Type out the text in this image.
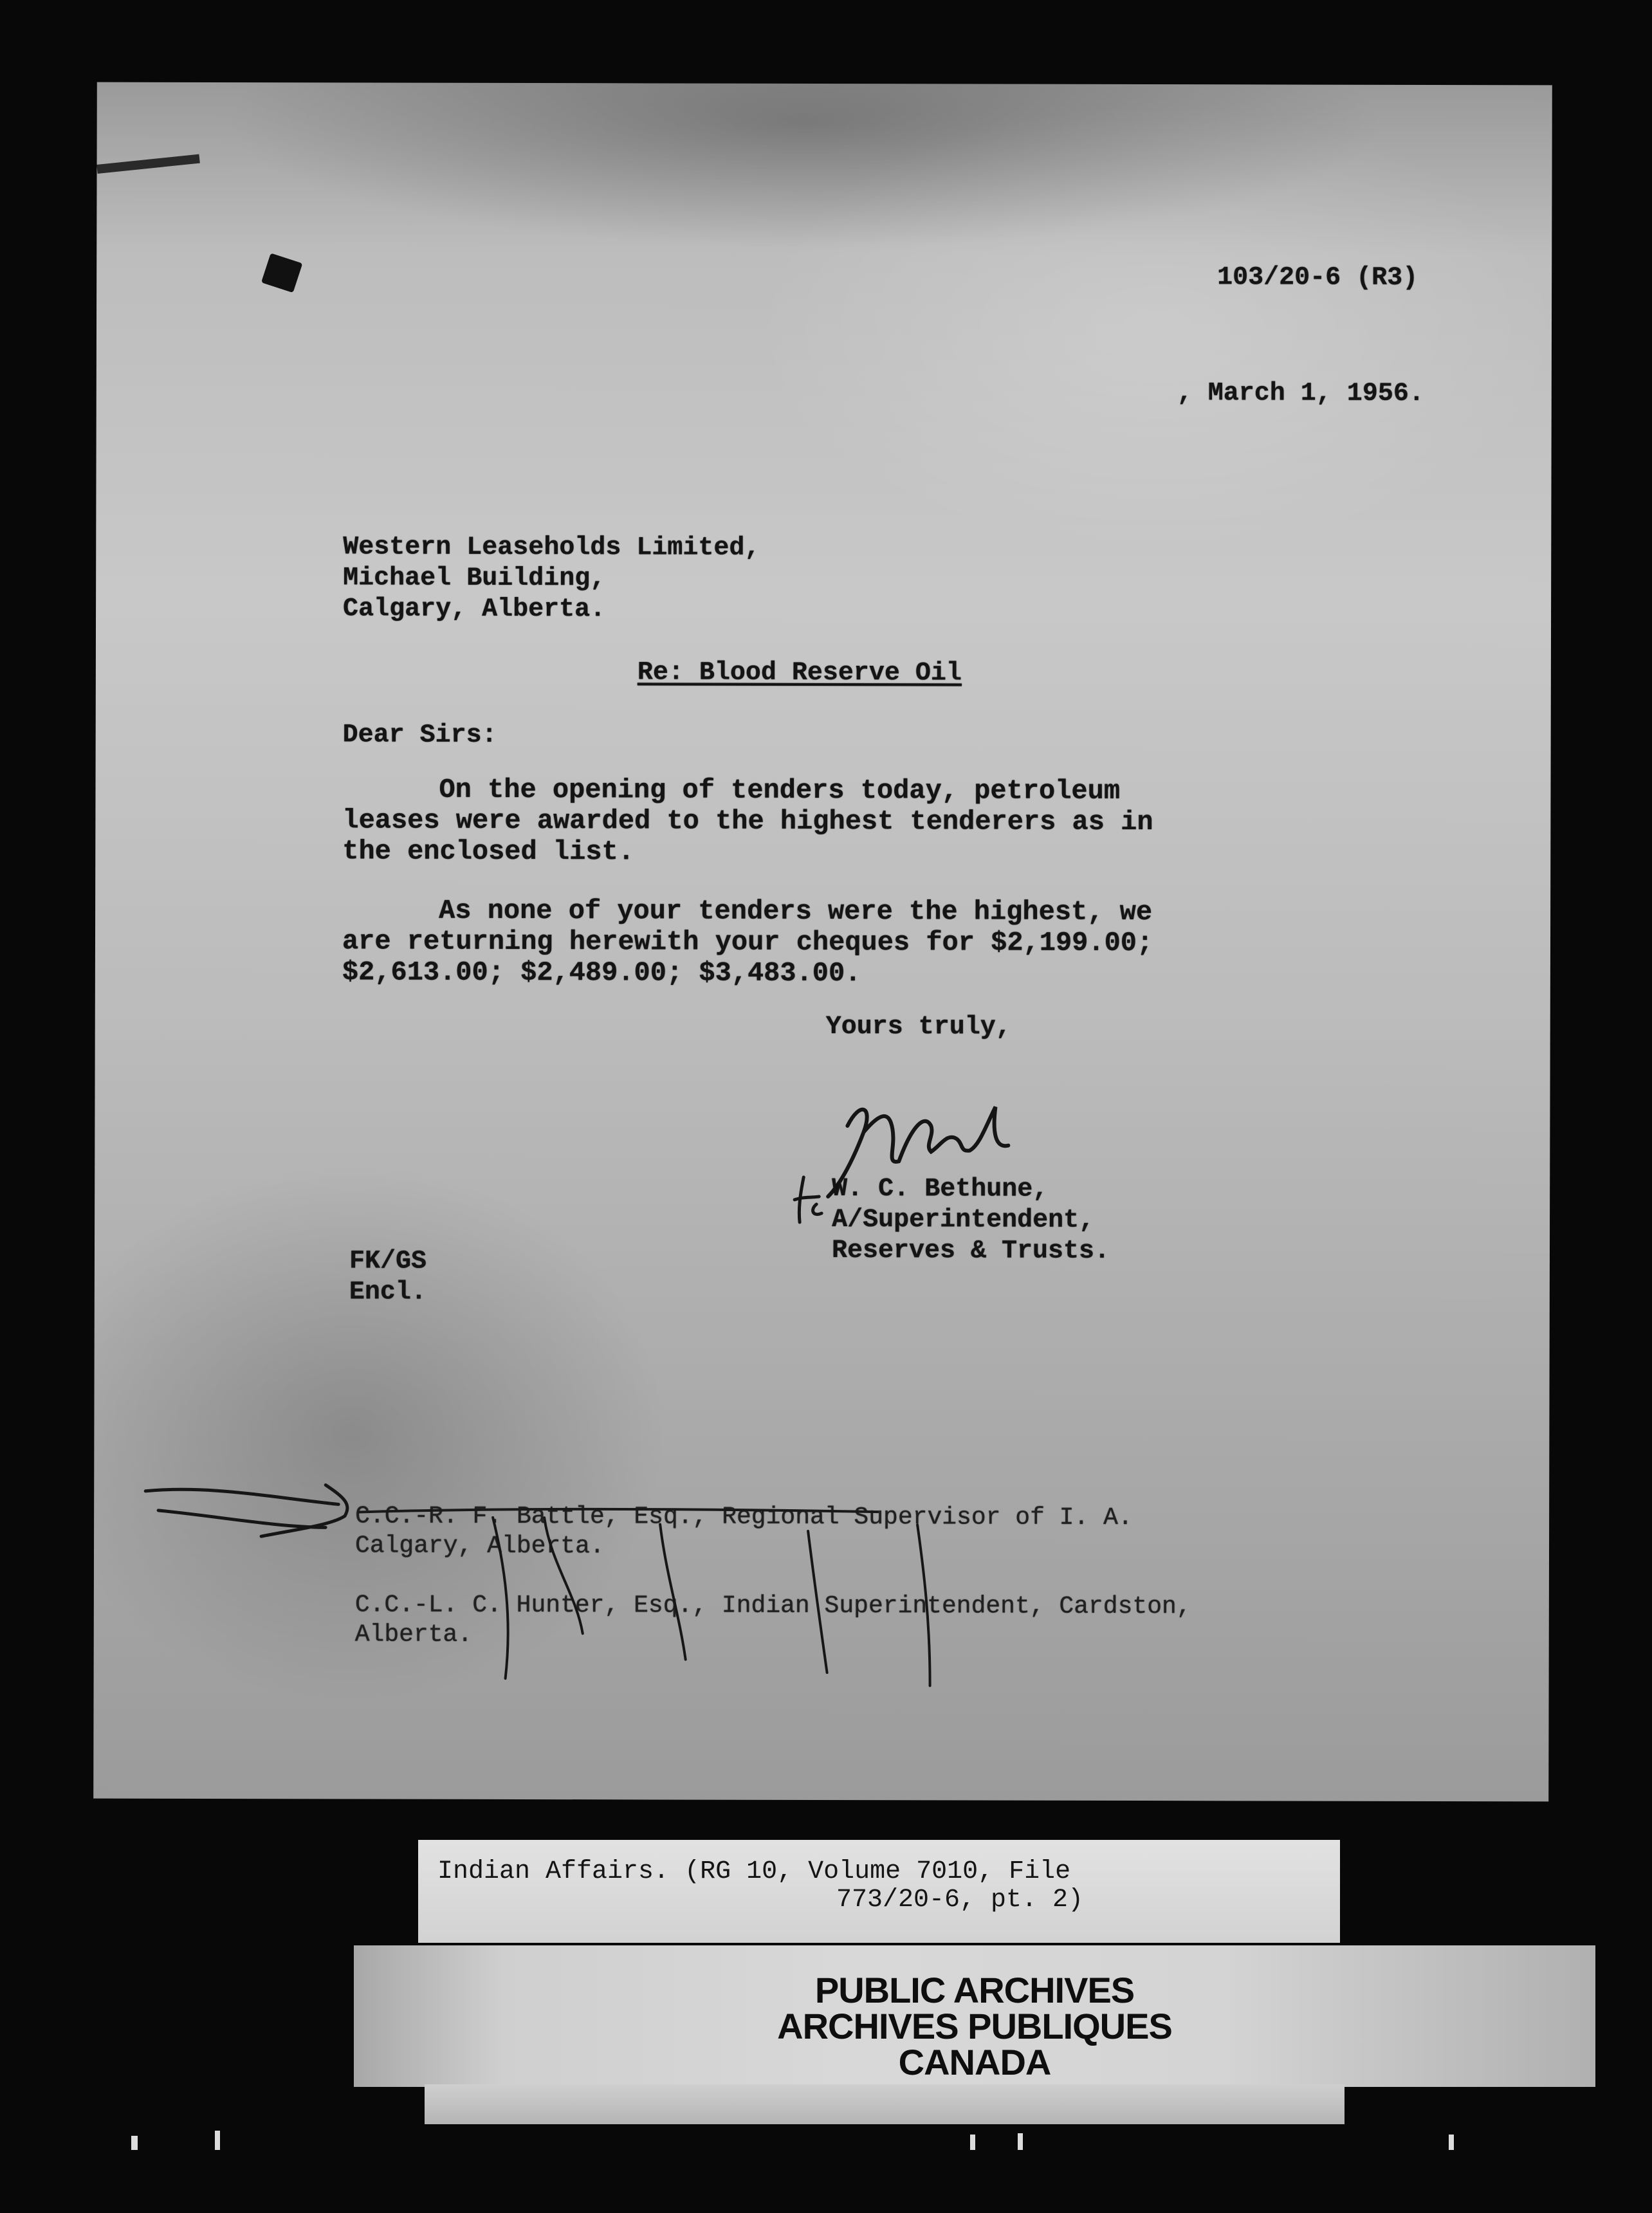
103/20-6 (R3)

, March 1, 1956.

Western Leaseholds Limited,

Michael Building,

Calgary, Alberta.

Re: Blood Reserve Oil

Dear Sirs:

On the opening of tenders today, petroleum

leases were awarded to the highest tenderers as in

the enclosed list.

As none of your tenders were the highest, we

are returning herewith your cheques for $2,199.00;

$2,613.00; $2,489.00; $3,483.00.

Yours truly,

W. C. Bethune,

A/Superintendent,

Reserves & Trusts.

FK/GS

Encl.

C.C.-R. F. Battle, Esq., Regional Supervisor of I. A.

Calgary, Alberta.

C.C.-L. C. Hunter, Esq., Indian Superintendent, Cardston,

Alberta.

Indian Affairs. (RG 10, Volume 7010, File

773/20-6, pt. 2)

PUBLIC ARCHIVES

ARCHIVES PUBLIQUES

CANADA
